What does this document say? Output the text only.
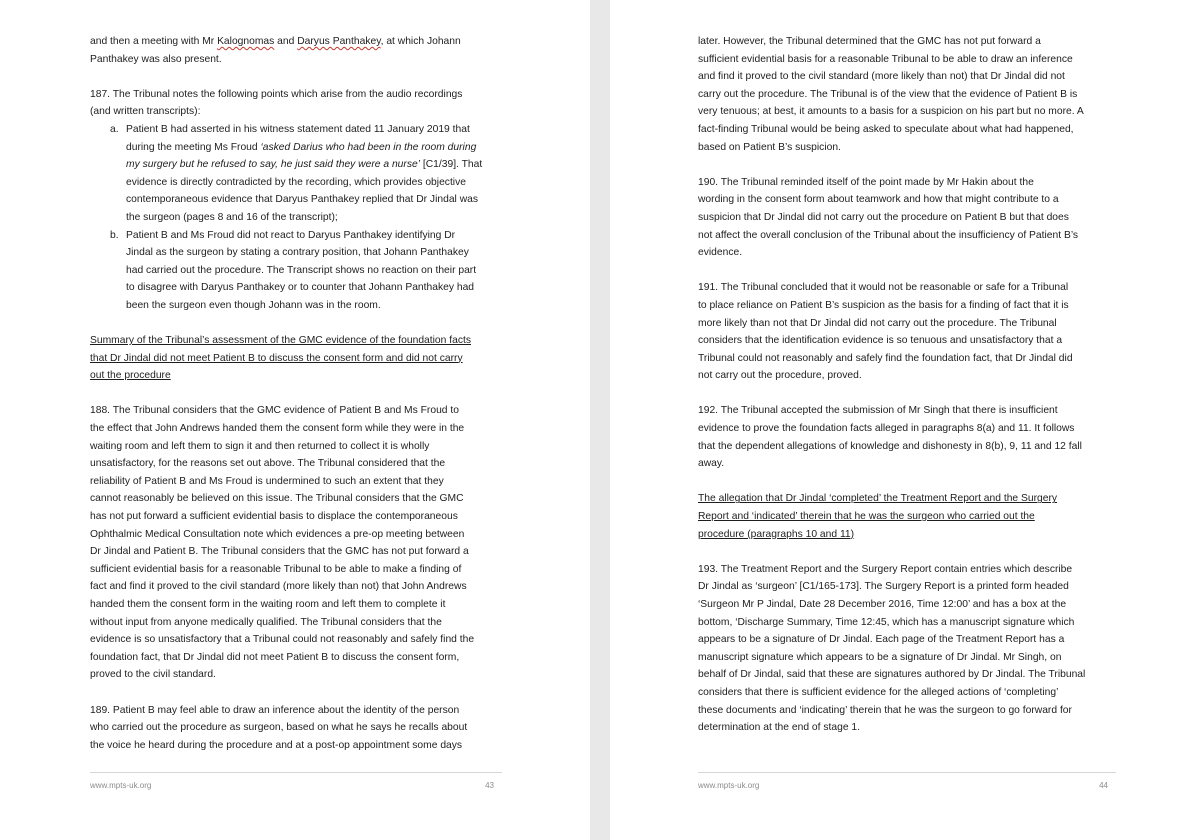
and then a meeting with Mr Kalognomas and Daryus Panthakey, at which Johann
Panthakey was also present.

187. The Tribunal notes the following points which arise from the audio recordings
(and written transcripts):

a. Patient B had asserted in his witness statement dated 11 January 2019 that
during the meeting Ms Froud ‘asked Darius who had been in the room during
my surgery but he refused to say, he just said they were a nurse’ [C1/39]. That
evidence is directly contradicted by the recording, which provides objective
contemporaneous evidence that Daryus Panthakey replied that Dr Jindal was
the surgeon (pages 8 and 16 of the transcript);
b. Patient B and Ms Froud did not react to Daryus Panthakey identifying Dr
Jindal as the surgeon by stating a contrary position, that Johann Panthakey
had carried out the procedure. The Transcript shows no reaction on their part
to disagree with Daryus Panthakey or to counter that Johann Panthakey had
been the surgeon even though Johann was in the room.

Summary of the Tribunal’s assessment of the GMC evidence of the foundation facts
that Dr Jindal did not meet Patient B to discuss the consent form and did not carry
out the procedure

188. The Tribunal considers that the GMC evidence of Patient B and Ms Froud to
the effect that John Andrews handed them the consent form while they were in the
waiting room and left them to sign it and then returned to collect it is wholly
unsatisfactory, for the reasons set out above. The Tribunal considered that the
reliability of Patient B and Ms Froud is undermined to such an extent that they
cannot reasonably be believed on this issue. The Tribunal considers that the GMC
has not put forward a sufficient evidential basis to displace the contemporaneous
Ophthalmic Medical Consultation note which evidences a pre-op meeting between
Dr Jindal and Patient B. The Tribunal considers that the GMC has not put forward a
sufficient evidential basis for a reasonable Tribunal to be able to make a finding of
fact and find it proved to the civil standard (more likely than not) that John Andrews
handed them the consent form in the waiting room and left them to complete it
without input from anyone medically qualified. The Tribunal considers that the
evidence is so unsatisfactory that a Tribunal could not reasonably and safely find the
foundation fact, that Dr Jindal did not meet Patient B to discuss the consent form,
proved to the civil standard.

189. Patient B may feel able to draw an inference about the identity of the person
who carried out the procedure as surgeon, based on what he says he recalls about
the voice he heard during the procedure and at a post-op appointment some days

www.mpts-uk.org	43

later. However, the Tribunal determined that the GMC has not put forward a
sufficient evidential basis for a reasonable Tribunal to be able to draw an inference
and find it proved to the civil standard (more likely than not) that Dr Jindal did not
carry out the procedure. The Tribunal is of the view that the evidence of Patient B is
very tenuous; at best, it amounts to a basis for a suspicion on his part but no more. A
fact-finding Tribunal would be being asked to speculate about what had happened,
based on Patient B’s suspicion.

190. The Tribunal reminded itself of the point made by Mr Hakin about the
wording in the consent form about teamwork and how that might contribute to a
suspicion that Dr Jindal did not carry out the procedure on Patient B but that does
not affect the overall conclusion of the Tribunal about the insufficiency of Patient B’s
evidence.

191. The Tribunal concluded that it would not be reasonable or safe for a Tribunal
to place reliance on Patient B’s suspicion as the basis for a finding of fact that it is
more likely than not that Dr Jindal did not carry out the procedure. The Tribunal
considers that the identification evidence is so tenuous and unsatisfactory that a
Tribunal could not reasonably and safely find the foundation fact, that Dr Jindal did
not carry out the procedure, proved.

192. The Tribunal accepted the submission of Mr Singh that there is insufficient
evidence to prove the foundation facts alleged in paragraphs 8(a) and 11. It follows
that the dependent allegations of knowledge and dishonesty in 8(b), 9, 11 and 12 fall
away.

The allegation that Dr Jindal ‘completed’ the Treatment Report and the Surgery
Report and ‘indicated’ therein that he was the surgeon who carried out the
procedure (paragraphs 10 and 11)

193. The Treatment Report and the Surgery Report contain entries which describe
Dr Jindal as ‘surgeon’ [C1/165-173]. The Surgery Report is a printed form headed
‘Surgeon Mr P Jindal, Date 28 December 2016, Time 12:00’ and has a box at the
bottom, ‘Discharge Summary, Time 12:45, which has a manuscript signature which
appears to be a signature of Dr Jindal. Each page of the Treatment Report has a
manuscript signature which appears to be a signature of Dr Jindal. Mr Singh, on
behalf of Dr Jindal, said that these are signatures authored by Dr Jindal. The Tribunal
considers that there is sufficient evidence for the alleged actions of ‘completing’
these documents and ‘indicating’ therein that he was the surgeon to go forward for
determination at the end of stage 1.

www.mpts-uk.org	44
